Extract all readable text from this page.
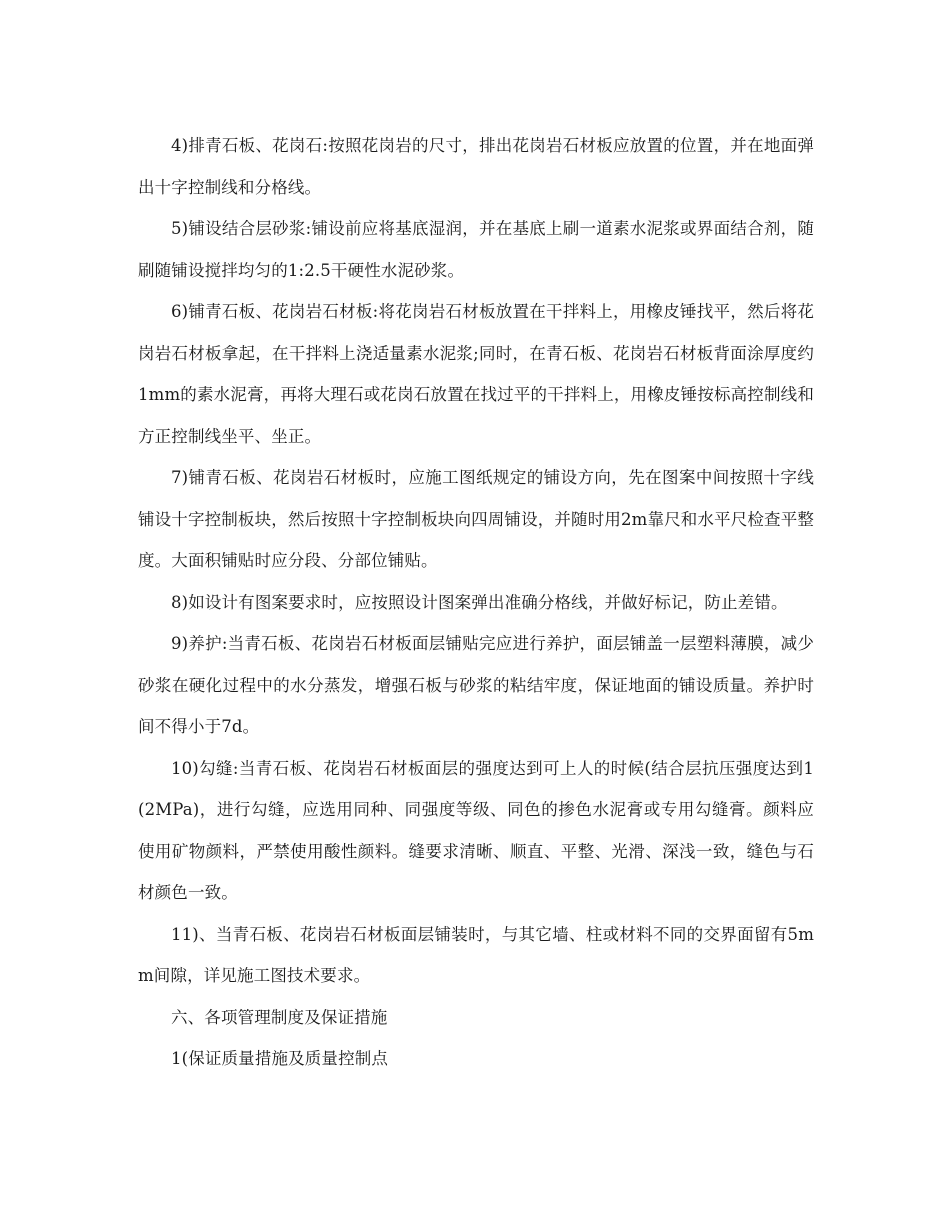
4)排青石板、花岗石:按照花岗岩的尺寸，排出花岗岩石材板应放置的位置，并在地面弹出十字控制线和分格线。

5)铺设结合层砂浆:铺设前应将基底湿润，并在基底上刷一道素水泥浆或界面结合剂，随刷随铺设搅拌均匀的1:2.5干硬性水泥砂浆。

6)铺青石板、花岗岩石材板:将花岗岩石材板放置在干拌料上，用橡皮锤找平，然后将花岗岩石材板拿起，在干拌料上浇适量素水泥浆;同时，在青石板、花岗岩石材板背面涂厚度约1mm的素水泥膏，再将大理石或花岗石放置在找过平的干拌料上，用橡皮锤按标高控制线和方正控制线坐平、坐正。

7)铺青石板、花岗岩石材板时，应施工图纸规定的铺设方向，先在图案中间按照十字线铺设十字控制板块，然后按照十字控制板块向四周铺设，并随时用2m靠尺和水平尺检查平整度。大面积铺贴时应分段、分部位铺贴。

8)如设计有图案要求时，应按照设计图案弹出准确分格线，并做好标记，防止差错。

9)养护:当青石板、花岗岩石材板面层铺贴完应进行养护，面层铺盖一层塑料薄膜，减少砂浆在硬化过程中的水分蒸发，增强石板与砂浆的粘结牢度，保证地面的铺设质量。养护时间不得小于7d。

10)勾缝:当青石板、花岗岩石材板面层的强度达到可上人的时候(结合层抗压强度达到1(2MPa)，进行勾缝，应选用同种、同强度等级、同色的掺色水泥膏或专用勾缝膏。颜料应使用矿物颜料，严禁使用酸性颜料。缝要求清晰、顺直、平整、光滑、深浅一致，缝色与石材颜色一致。

11)、当青石板、花岗岩石材板面层铺装时，与其它墙、柱或材料不同的交界面留有5mm间隙，详见施工图技术要求。

六、各项管理制度及保证措施

1(保证质量措施及质量控制点
